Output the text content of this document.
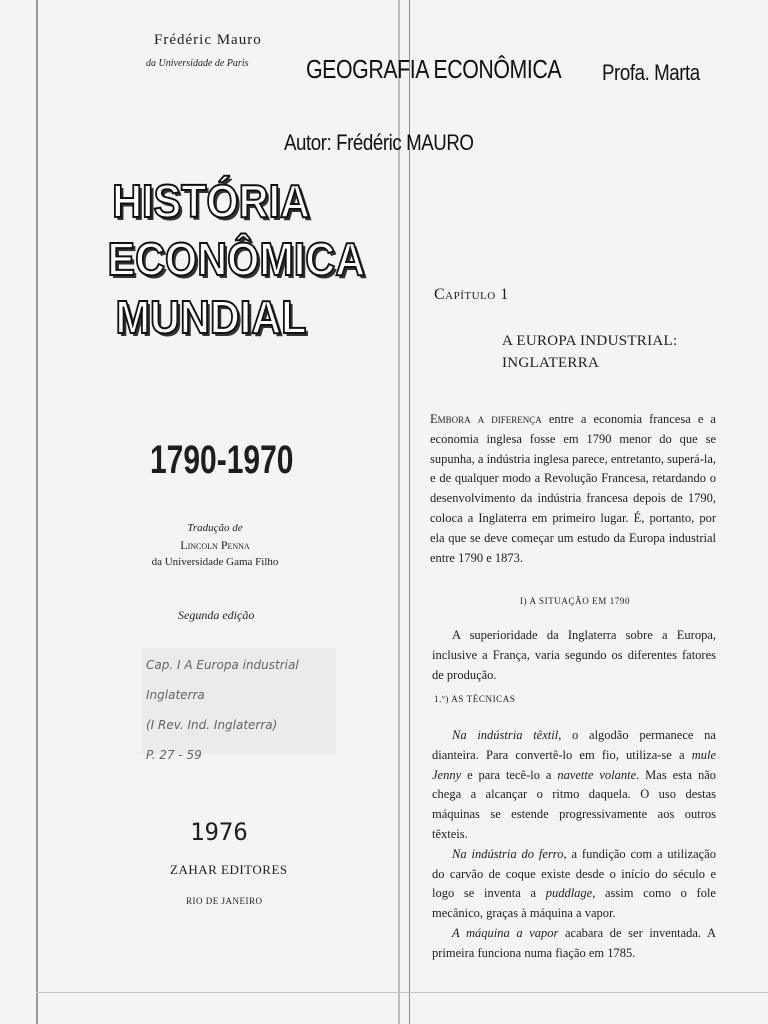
GEOGRAFIA ECONÔMICA Profa. Marta
Autor: Frédéric MAURO
Frédéric Mauro
da Universidade de Paris
HISTÓRIA
ECONÔMICA
MUNDIAL
1790-1970
Tradução de
Lincoln Penna
da Universidade Gama Filho
Segunda edição
Cap. I A Europa industrial Inglaterra
(I Rev. Ind. Inglaterra)
P. 27 - 59
1976
ZAHAR EDITORES
RIO DE JANEIRO
Capítulo 1
A EUROPA INDUSTRIAL:
INGLATERRA
Embora a diferença entre a economia francesa e a economia inglesa fosse em 1790 menor do que se supunha, a indústria inglesa parece, entretanto, superá-la, e de qualquer modo a Revolução Francesa, retardando o desenvolvimento da indústria francesa depois de 1790, coloca a Inglaterra em primeiro lugar. É, portanto, por ela que se deve começar um estudo da Europa industrial entre 1790 e 1873.
I) A SITUAÇÃO EM 1790
A superioridade da Inglaterra sobre a Europa, inclusive a França, varia segundo os diferentes fatores de produção.
1.º) AS TÉCNICAS
Na indústria têxtil, o algodão permanece na dianteira. Para convertê-lo em fio, utiliza-se a mule Jenny e para tecê-lo a navette volante. Mas esta não chega a alcançar o ritmo daquela. O uso destas máquinas se estende progressivamente aos outros têxteis.
Na indústria do ferro, a fundição com a utilização do carvão de coque existe desde o início do século e logo se inventa a puddlage, assim como o fole mecânico, graças à máquina a vapor.
A máquina a vapor acabara de ser inventada. A primeira funciona numa fiação em 1785.
